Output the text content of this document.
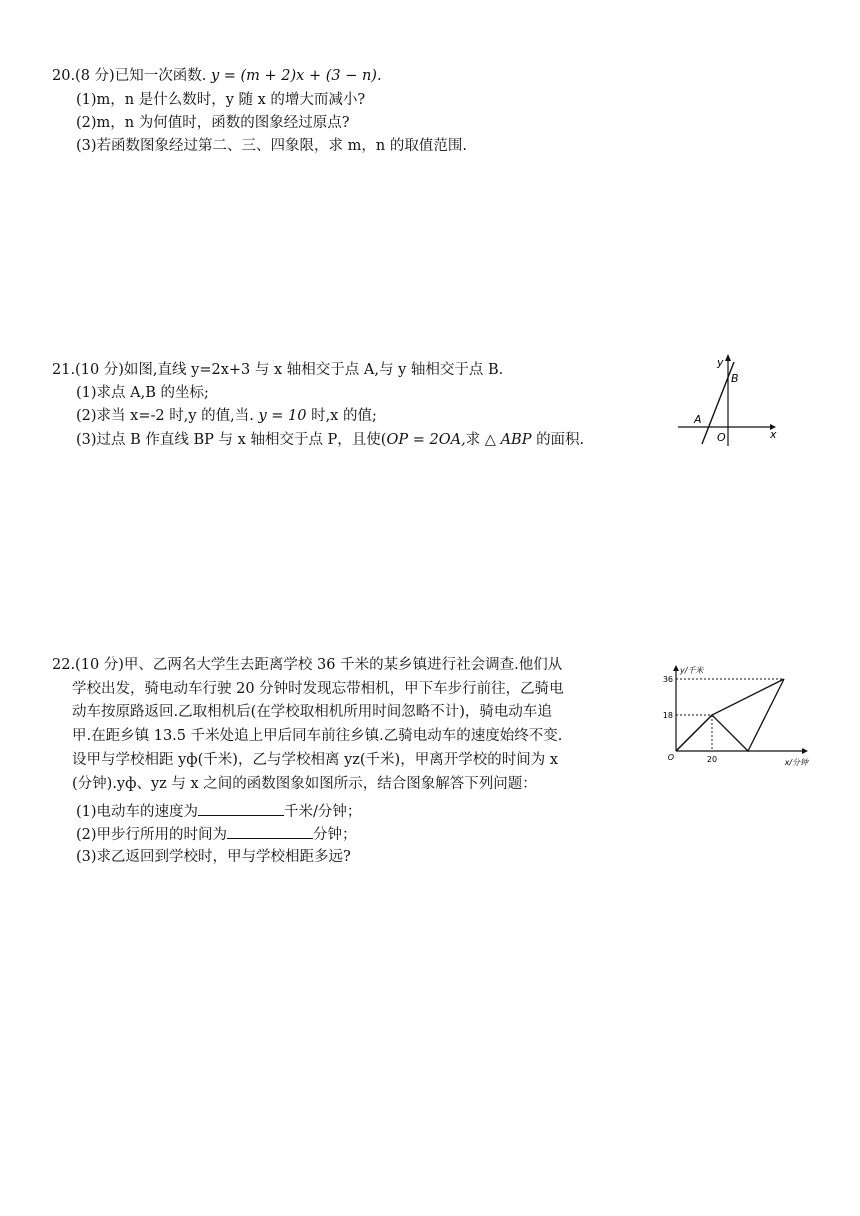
20.(8 分)已知一次函数. y = (m + 2)x + (3 − n).
(1)m，n 是什么数时，y 随 x 的增大而减小?
(2)m，n 为何值时，函数的图象经过原点?
(3)若函数图象经过第二、三、四象限，求 m，n 的取值范围.
21.(10 分)如图,直线 y=2x+3 与 x 轴相交于点 A,与 y 轴相交于点 B.
(1)求点 A,B 的坐标;
(2)求当 x=-2 时,y 的值,当. y = 10 时,x 的值;
(3)过点 B 作直线 BP 与 x 轴相交于点 P，且使(OP = 2OA,求 △ ABP 的面积.
y
B
A
O	x
22.(10 分)甲、乙两名大学生去距离学校 36 千米的某乡镇进行社会调查.他们从
学校出发，骑电动车行驶 20 分钟时发现忘带相机，甲下车步行前往，乙骑电
动车按原路返回.乙取相机后(在学校取相机所用时间忽略不计)，骑电动车追
甲.在距乡镇 13.5 千米处追上甲后同车前往乡镇.乙骑电动车的速度始终不变.
设甲与学校相距 yф(千米)，乙与学校相离 yz(千米)，甲离开学校的时间为 x
(分钟).yф、yz 与 x 之间的函数图象如图所示，结合图象解答下列问题：
(1)电动车的速度为	千米/分钟；
(2)甲步行所用的时间为	分钟；
(3)求乙返回到学校时，甲与学校相距多远?
36
18
20
O
y/千米
x/分钟
